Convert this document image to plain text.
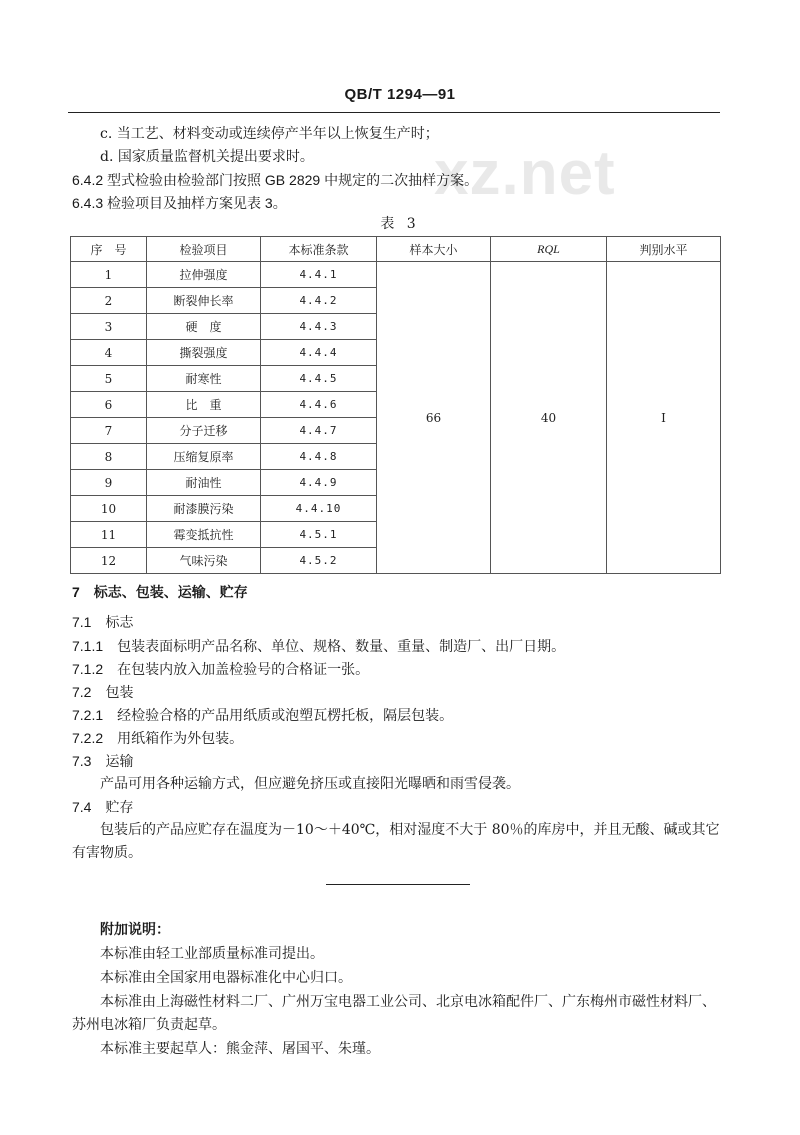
QB/T 1294—91
xz.net
c. 当工艺、材料变动或连续停产半年以上恢复生产时；
d. 国家质量监督机关提出要求时。
6.4.2 型式检验由检验部门按照 GB 2829 中规定的二次抽样方案。
6.4.3 检验项目及抽样方案见表 3。
表 3
序　号	检验项目	本标准条款	样本大小	RQL	判别水平
1	拉伸强度	4.4.1	66	40	Ⅰ
2	断裂伸长率	4.4.2			
3	硬　度	4.4.3			
4	撕裂强度	4.4.4			
5	耐寒性	4.4.5			
6	比　重	4.4.6			
7	分子迁移	4.4.7			
8	压缩复原率	4.4.8			
9	耐油性	4.4.9			
10	耐漆膜污染	4.4.10			
11	霉变抵抗性	4.5.1			
12	气味污染	4.5.2			
7　标志、包装、运输、贮存
7.1　标志
7.1.1　包装表面标明产品名称、单位、规格、数量、重量、制造厂、出厂日期。
7.1.2　在包装内放入加盖检验号的合格证一张。
7.2　包装
7.2.1　经检验合格的产品用纸质或泡塑瓦楞托板，隔层包装。
7.2.2　用纸箱作为外包装。
7.3　运输
产品可用各种运输方式，但应避免挤压或直接阳光曝晒和雨雪侵袭。
7.4　贮存
包装后的产品应贮存在温度为－10～＋40℃，相对湿度不大于 80％的库房中，并且无酸、碱或其它
有害物质。
附加说明：
本标准由轻工业部质量标准司提出。
本标准由全国家用电器标准化中心归口。
本标准由上海磁性材料二厂、广州万宝电器工业公司、北京电冰箱配件厂、广东梅州市磁性材料厂、
苏州电冰箱厂负责起草。
本标准主要起草人：熊金萍、屠国平、朱瑾。
